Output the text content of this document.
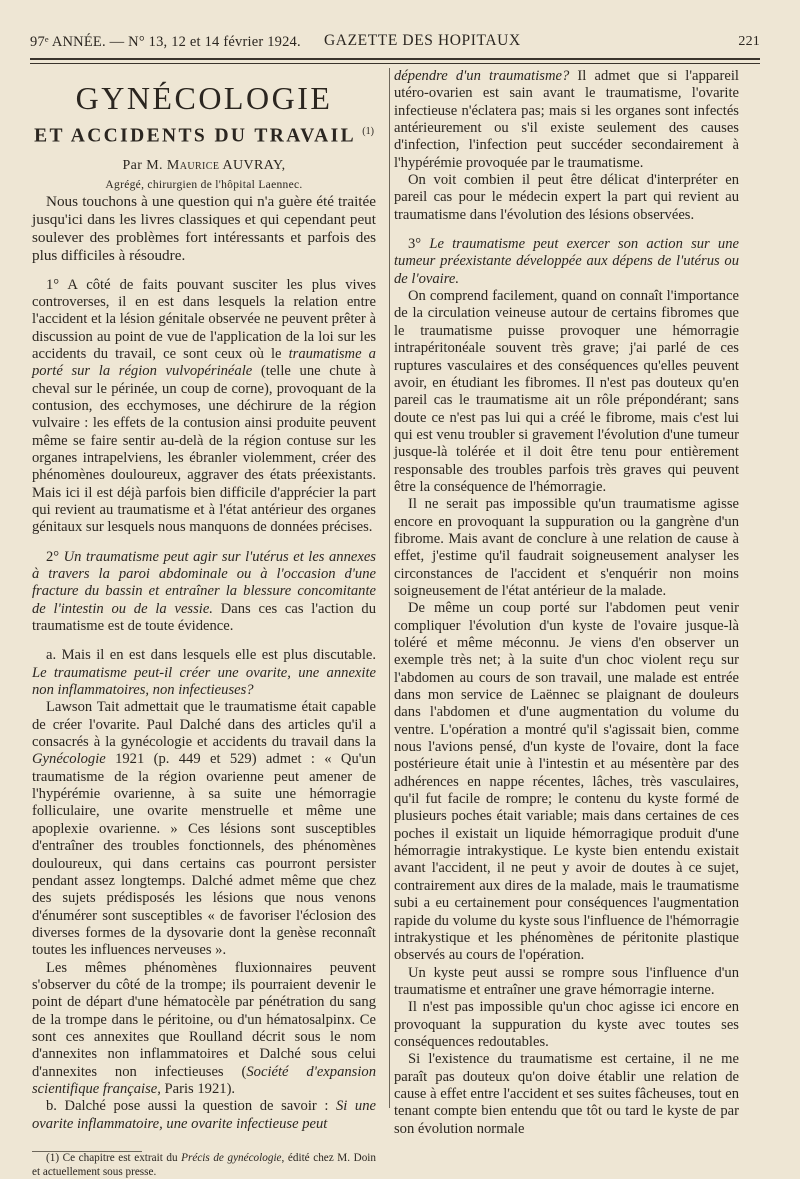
97ᵉ ANNÉE. — N° 13, 12 et 14 février 1924. GAZETTE DES HOPITAUX	221
GYNÉCOLOGIE
ET ACCIDENTS DU TRAVAIL $^{(1)}$
Par M. Maurice AUVRAY,
Agrégé, chirurgien de l'hôpital Laennec.

Nous touchons à une question qui n'a guère été traitée jusqu'ici dans les livres classiques et qui cependant peut soulever des problèmes fort intéressants et parfois des plus difficiles à résoudre.

1° A côté de faits pouvant susciter les plus vives controverses, il en est dans lesquels la relation entre l'accident et la lésion génitale observée ne peuvent prêter à discussion au point de vue de l'application de la loi sur les accidents du travail, ce sont ceux où le traumatisme a porté sur la région vulvopérinéale (telle une chute à cheval sur le périnée, un coup de corne), provoquant de la contusion, des ecchymoses, une déchirure de la région vulvaire : les effets de la contusion ainsi produite peuvent même se faire sentir au-delà de la région contuse sur les organes intrapelviens, les ébranler violemment, créer des phénomènes douloureux, aggraver des états préexistants. Mais ici il est déjà parfois bien difficile d'apprécier la part qui revient au traumatisme et à l'état antérieur des organes génitaux sur lesquels nous manquons de données précises.

2° Un traumatisme peut agir sur l'utérus et les annexes à travers la paroi abdominale ou à l'occasion d'une fracture du bassin et entraîner la blessure concomitante de l'intestin ou de la vessie. Dans ces cas l'action du traumatisme est de toute évidence.

a. Mais il en est dans lesquels elle est plus discutable. Le traumatisme peut-il créer une ovarite, une annexite non inflammatoires, non infectieuses?

Lawson Tait admettait que le traumatisme était capable de créer l'ovarite. Paul Dalché dans des articles qu'il a consacrés à la gynécologie et accidents du travail dans la Gynécologie 1921 (p. 449 et 529) admet : « Qu'un traumatisme de la région ovarienne peut amener de l'hypérémie ovarienne, à sa suite une hémorragie folliculaire, une ovarite menstruelle et même une apoplexie ovarienne. » Ces lésions sont susceptibles d'entraîner des troubles fonctionnels, des phénomènes douloureux, qui dans certains cas pourront persister pendant assez longtemps. Dalché admet même que chez des sujets prédisposés les lésions que nous venons d'énumérer sont susceptibles « de favoriser l'éclosion des diverses formes de la dysovarie dont la genèse reconnaît toutes les influences nerveuses ».

Les mêmes phénomènes fluxionnaires peuvent s'observer du côté de la trompe; ils pourraient devenir le point de départ d'une hématocèle par pénétration du sang de la trompe dans le péritoine, ou d'un hématosalpinx. Ce sont ces annexites que Roulland décrit sous le nom d'annexites non inflammatoires et Dalché sous celui d'annexites non infectieuses (Société d'expansion scientifique française, Paris 1921).

b. Dalché pose aussi la question de savoir : Si une ovarite inflammatoire, une ovarite infectieuse peut

(1) Ce chapitre est extrait du Précis de gynécologie, édité chez M. Doin et actuellement sous presse.

dépendre d'un traumatisme? Il admet que si l'appareil utéro-ovarien est sain avant le traumatisme, l'ovarite infectieuse n'éclatera pas; mais si les organes sont infectés antérieurement ou s'il existe seulement des causes d'infection, l'infection peut succéder secondairement à l'hypérémie provoquée par le traumatisme.

On voit combien il peut être délicat d'interpréter en pareil cas pour le médecin expert la part qui revient au traumatisme dans l'évolution des lésions observées.

3° Le traumatisme peut exercer son action sur une tumeur préexistante développée aux dépens de l'utérus ou de l'ovaire.

On comprend facilement, quand on connaît l'importance de la circulation veineuse autour de certains fibromes que le traumatisme puisse provoquer une hémorragie intrapéritonéale souvent très grave; j'ai parlé de ces ruptures vasculaires et des conséquences qu'elles peuvent avoir, en étudiant les fibromes. Il n'est pas douteux qu'en pareil cas le traumatisme ait un rôle prépondérant; sans doute ce n'est pas lui qui a créé le fibrome, mais c'est lui qui est venu troubler si gravement l'évolution d'une tumeur jusque-là tolérée et il doit être tenu pour entièrement responsable des troubles parfois très graves qui peuvent être la conséquence de l'hémorragie.

Il ne serait pas impossible qu'un traumatisme agisse encore en provoquant la suppuration ou la gangrène d'un fibrome. Mais avant de conclure à une relation de cause à effet, j'estime qu'il faudrait soigneusement analyser les circonstances de l'accident et s'enquérir non moins soigneusement de l'état antérieur de la malade.

De même un coup porté sur l'abdomen peut venir compliquer l'évolution d'un kyste de l'ovaire jusque-là toléré et même méconnu. Je viens d'en observer un exemple très net; à la suite d'un choc violent reçu sur l'abdomen au cours de son travail, une malade est entrée dans mon service de Laënnec se plaignant de douleurs dans l'abdomen et d'une augmentation du volume du ventre. L'opération a montré qu'il s'agissait bien, comme nous l'avions pensé, d'un kyste de l'ovaire, dont la face postérieure était unie à l'intestin et au mésentère par des adhérences en nappe récentes, lâches, très vasculaires, qu'il fut facile de rompre; le contenu du kyste formé de plusieurs poches était variable; mais dans certaines de ces poches il existait un liquide hémorragique produit d'une hémorragie intrakystique. Le kyste bien entendu existait avant l'accident, il ne peut y avoir de doutes à ce sujet, contrairement aux dires de la malade, mais le traumatisme subi a eu certainement pour conséquences l'augmentation rapide du volume du kyste sous l'influence de l'hémorragie intrakystique et les phénomènes de péritonite plastique observés au cours de l'opération.

Un kyste peut aussi se rompre sous l'influence d'un traumatisme et entraîner une grave hémorragie interne.

Il n'est pas impossible qu'un choc agisse ici encore en provoquant la suppuration du kyste avec toutes ses conséquences redoutables.

Si l'existence du traumatisme est certaine, il ne me paraît pas douteux qu'on doive établir une relation de cause à effet entre l'accident et ses suites fâcheuses, tout en tenant compte bien entendu que tôt ou tard le kyste de par son évolution normale
